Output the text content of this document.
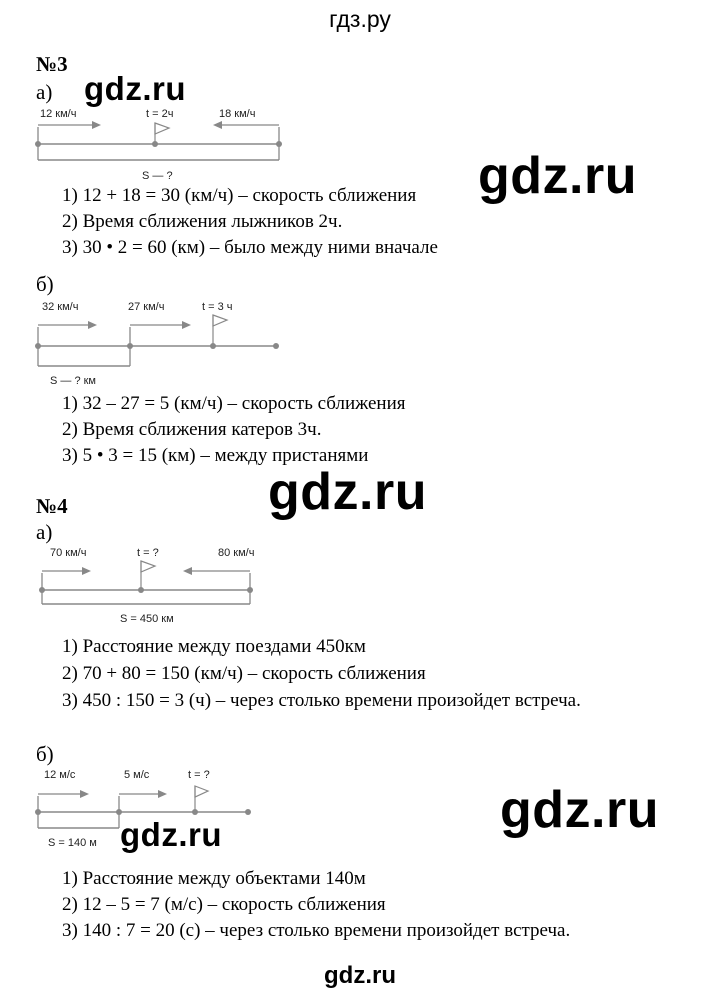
гдз.ру
№3
а) gdz.ru
12 км/ч	t = 2ч	18 км/ч
S — ?
1) 12 + 18 = 30 (км/ч) – скорость сближения
2) Время сближения лыжников 2ч.
3) 30 • 2 = 60 (км) – было между ними вначале
gdz.ru
б)
32 км/ч	27 км/ч	t = 3 ч
S — ? км
1) 32 – 27 = 5 (км/ч) – скорость сближения
2) Время сближения катеров 3ч.
3) 5 • 3 = 15 (км) – между пристанями
gdz.ru
№4
а)
70 км/ч	t = ?	80 км/ч
S = 450 км
1) Расстояние между поездами 450км
2) 70 + 80 = 150 (км/ч) – скорость сближения
3) 450 : 150 = 3 (ч) – через столько времени произойдет встреча.
б)
12 м/с	5 м/с	t = ?
S = 140 м gdz.ru	gdz.ru
1) Расстояние между объектами 140м
2) 12 – 5 = 7 (м/с) – скорость сближения
3) 140 : 7 = 20 (с) – через столько времени произойдет встреча.
gdz.ru
